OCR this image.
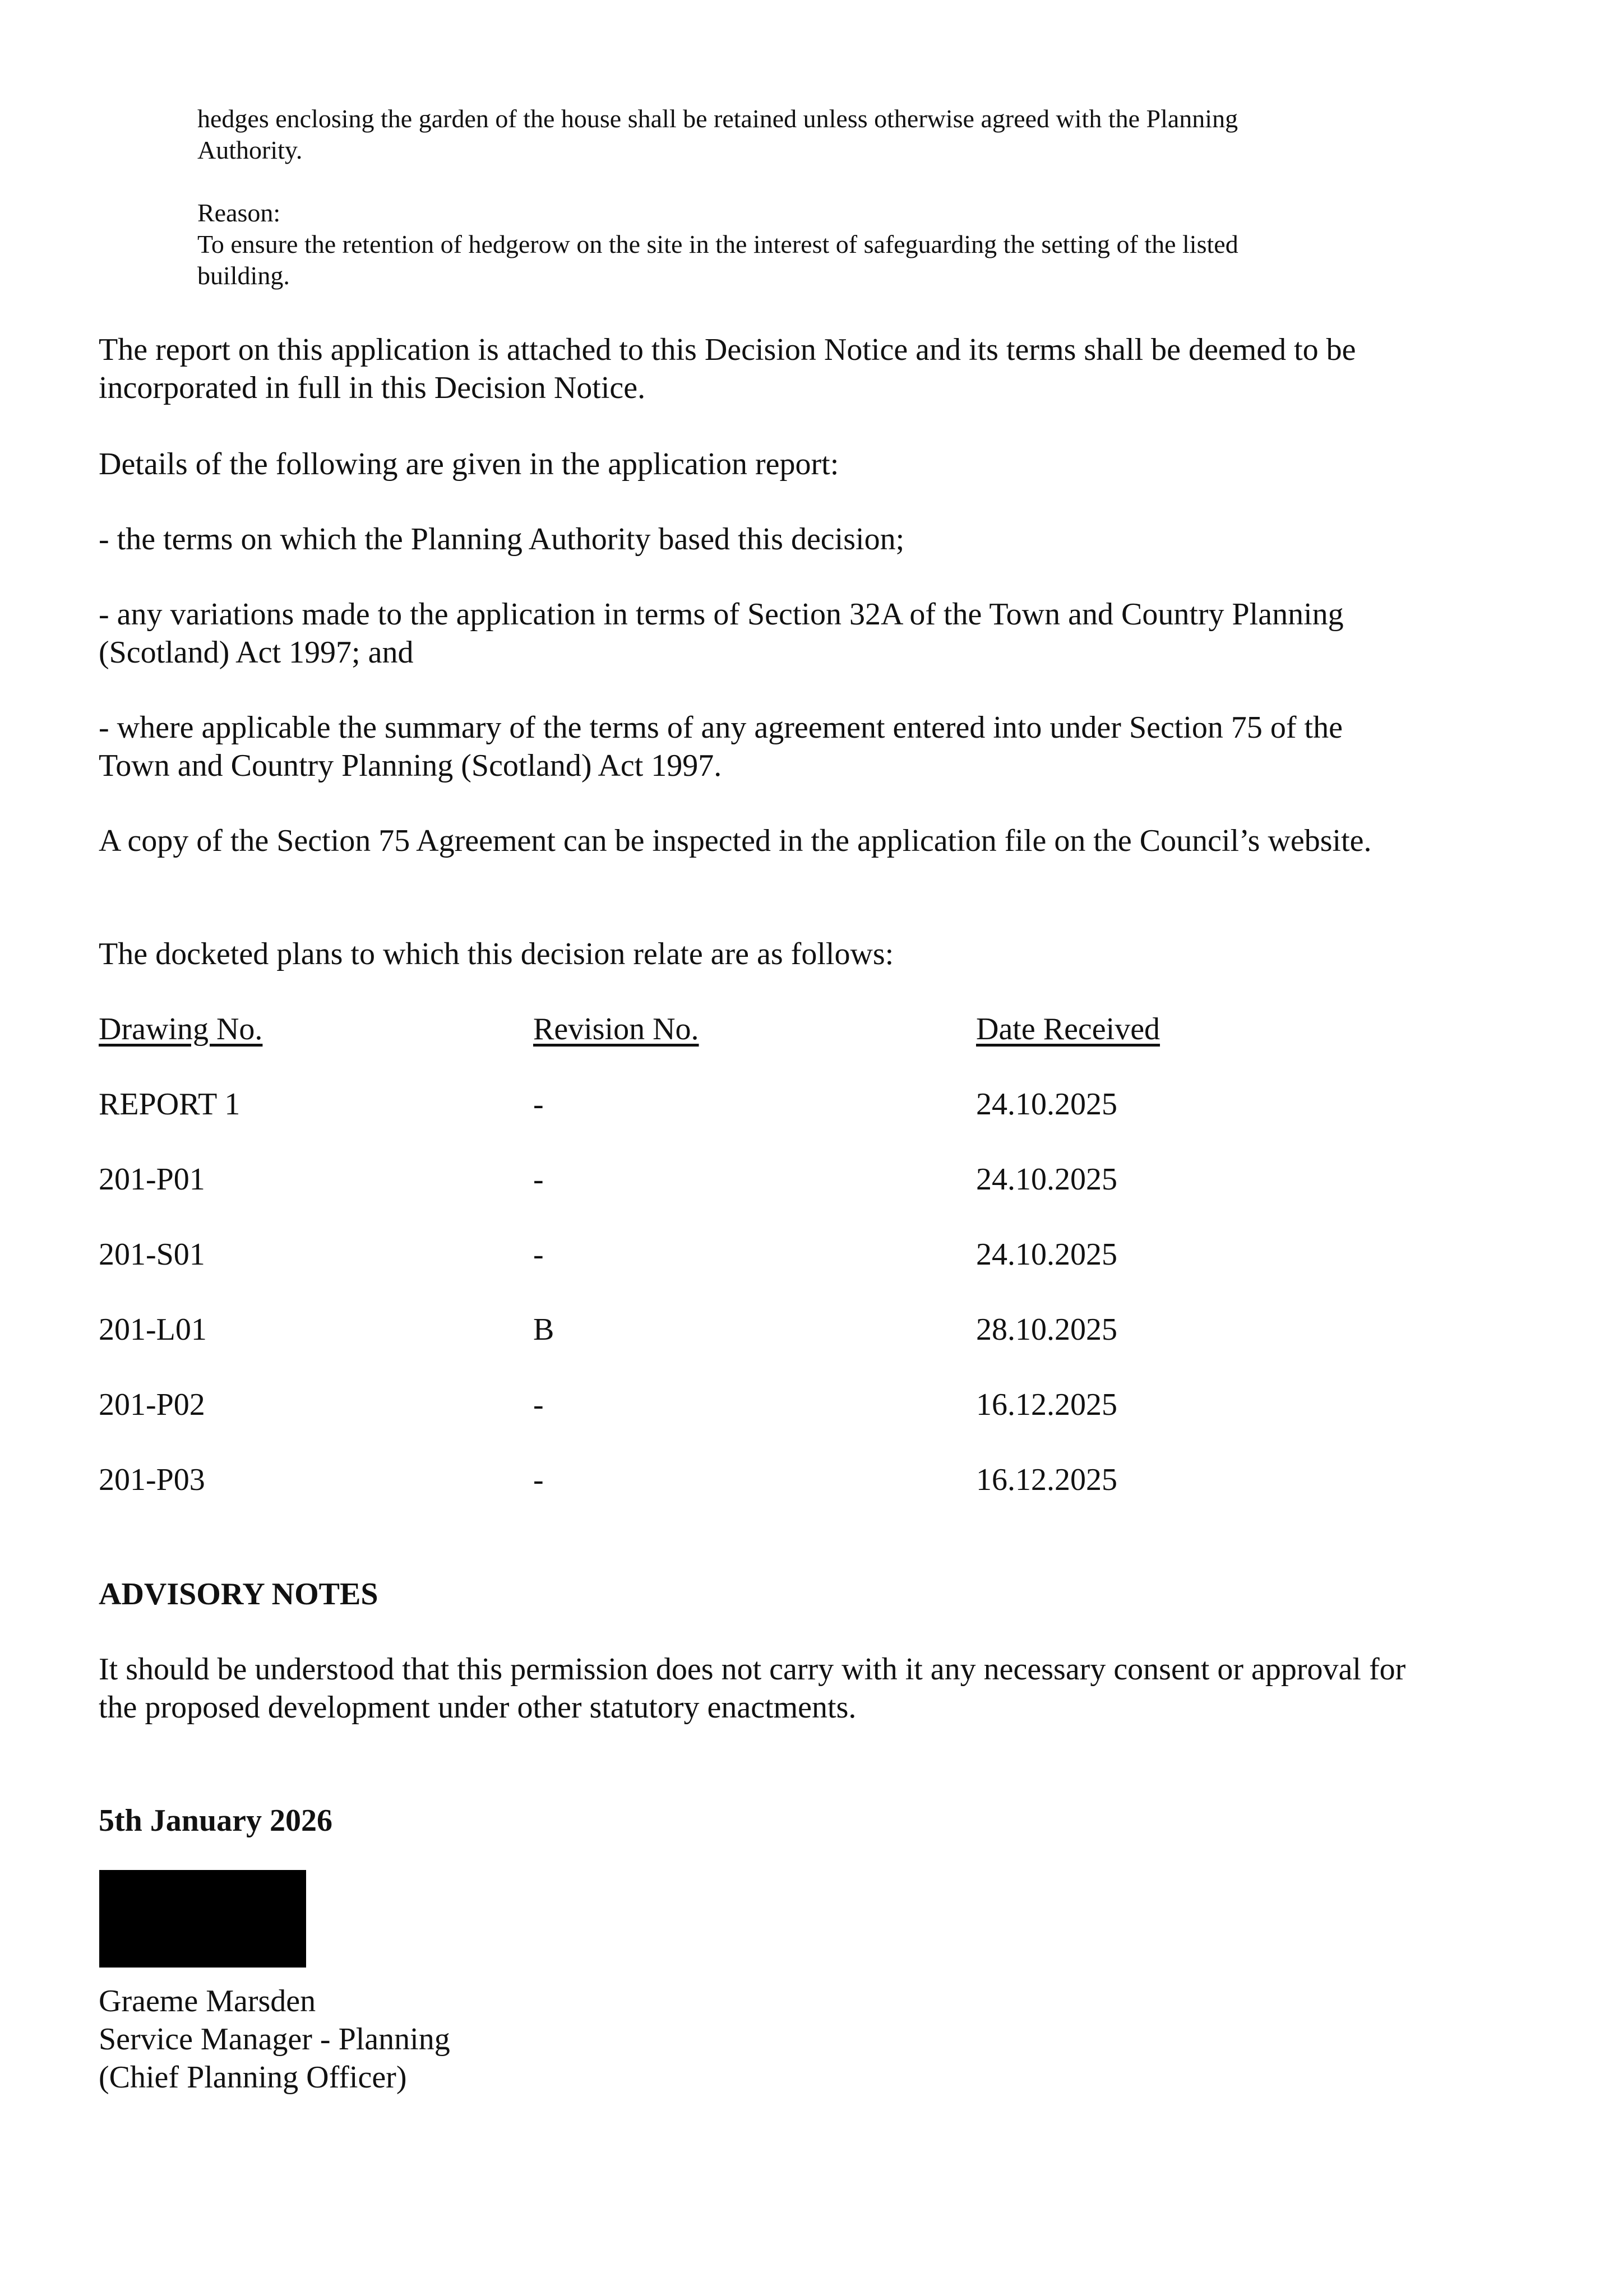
hedges enclosing the garden of the house shall be retained unless otherwise agreed with the Planning Authority.

Reason:

To ensure the retention of hedgerow on the site in the interest of safeguarding the setting of the listed building.

The report on this application is attached to this Decision Notice and its terms shall be deemed to be incorporated in full in this Decision Notice.

Details of the following are given in the application report:

- the terms on which the Planning Authority based this decision;

- any variations made to the application in terms of Section 32A of the Town and Country Planning (Scotland) Act 1997; and

- where applicable the summary of the terms of any agreement entered into under Section 75 of the Town and Country Planning (Scotland) Act 1997.

A copy of the Section 75 Agreement can be inspected in the application file on the Council’s website.

The docketed plans to which this decision relate are as follows:

Drawing No.	Revision No.	Date Received
REPORT 1	-	24.10.2025
201-P01	-	24.10.2025
201-S01	-	24.10.2025
201-L01	B	28.10.2025
201-P02	-	16.12.2025
201-P03	-	16.12.2025

ADVISORY NOTES

It should be understood that this permission does not carry with it any necessary consent or approval for the proposed development under other statutory enactments.

5th January 2026

Graeme Marsden
Service Manager - Planning
(Chief Planning Officer)
